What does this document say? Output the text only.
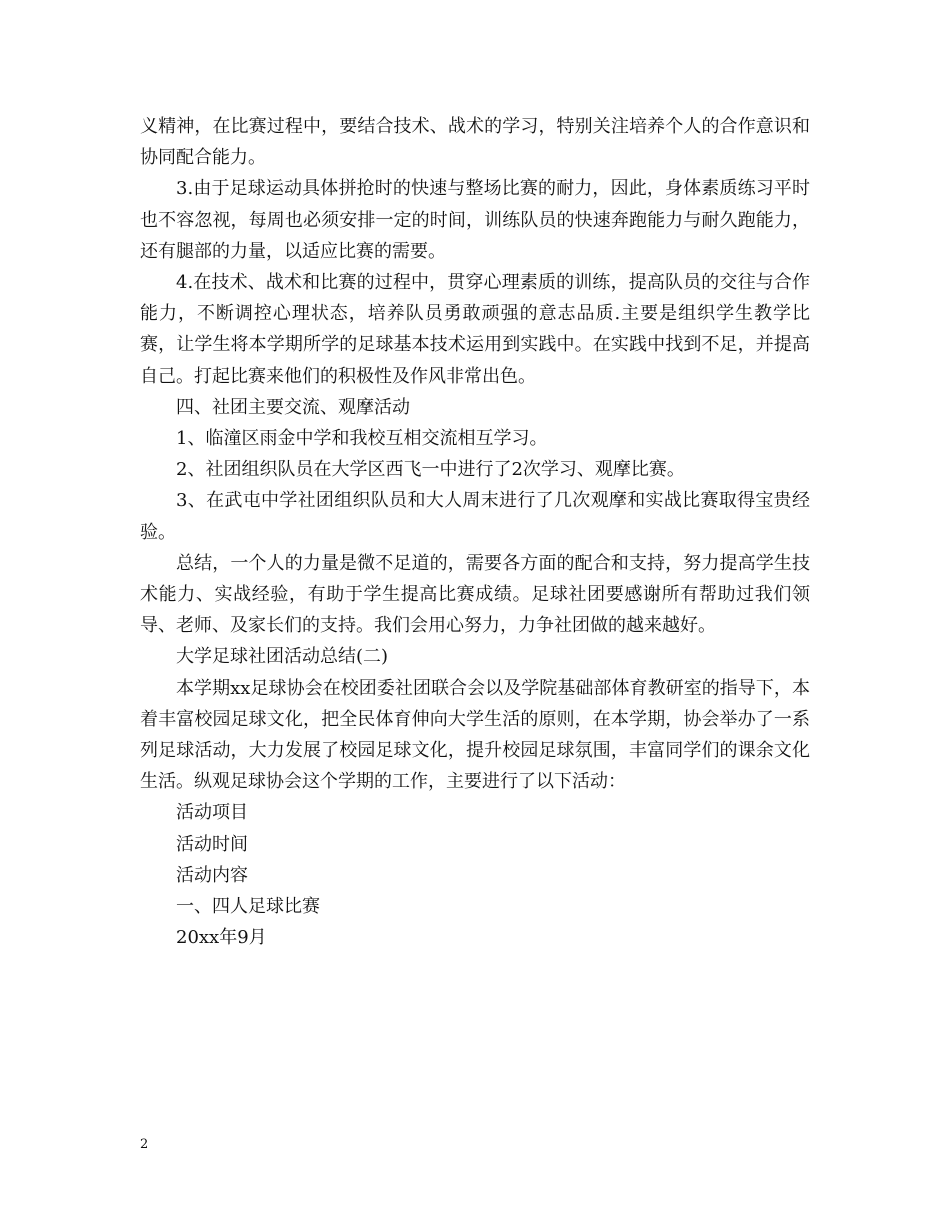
义精神，在比赛过程中，要结合技术、战术的学习，特别关注培养个人的合作意识和协同配合能力。

3.由于足球运动具体拼抢时的快速与整场比赛的耐力，因此，身体素质练习平时也不容忽视，每周也必须安排一定的时间，训练队员的快速奔跑能力与耐久跑能力，还有腿部的力量，以适应比赛的需要。

4.在技术、战术和比赛的过程中，贯穿心理素质的训练，提高队员的交往与合作能力，不断调控心理状态，培养队员勇敢顽强的意志品质.主要是组织学生教学比赛，让学生将本学期所学的足球基本技术运用到实践中。在实践中找到不足，并提高自己。打起比赛来他们的积极性及作风非常出色。

四、社团主要交流、观摩活动

1、临潼区雨金中学和我校互相交流相互学习。

2、社团组织队员在大学区西飞一中进行了2次学习、观摩比赛。

3、在武屯中学社团组织队员和大人周末进行了几次观摩和实战比赛取得宝贵经验。

总结，一个人的力量是微不足道的，需要各方面的配合和支持，努力提高学生技术能力、实战经验，有助于学生提高比赛成绩。足球社团要感谢所有帮助过我们领导、老师、及家长们的支持。我们会用心努力，力争社团做的越来越好。

大学足球社团活动总结(二)

本学期xx足球协会在校团委社团联合会以及学院基础部体育教研室的指导下，本着丰富校园足球文化，把全民体育伸向大学生活的原则，在本学期，协会举办了一系列足球活动，大力发展了校园足球文化，提升校园足球氛围，丰富同学们的课余文化生活。纵观足球协会这个学期的工作，主要进行了以下活动：

活动项目

活动时间

活动内容

一、四人足球比赛

20xx年9月

2
